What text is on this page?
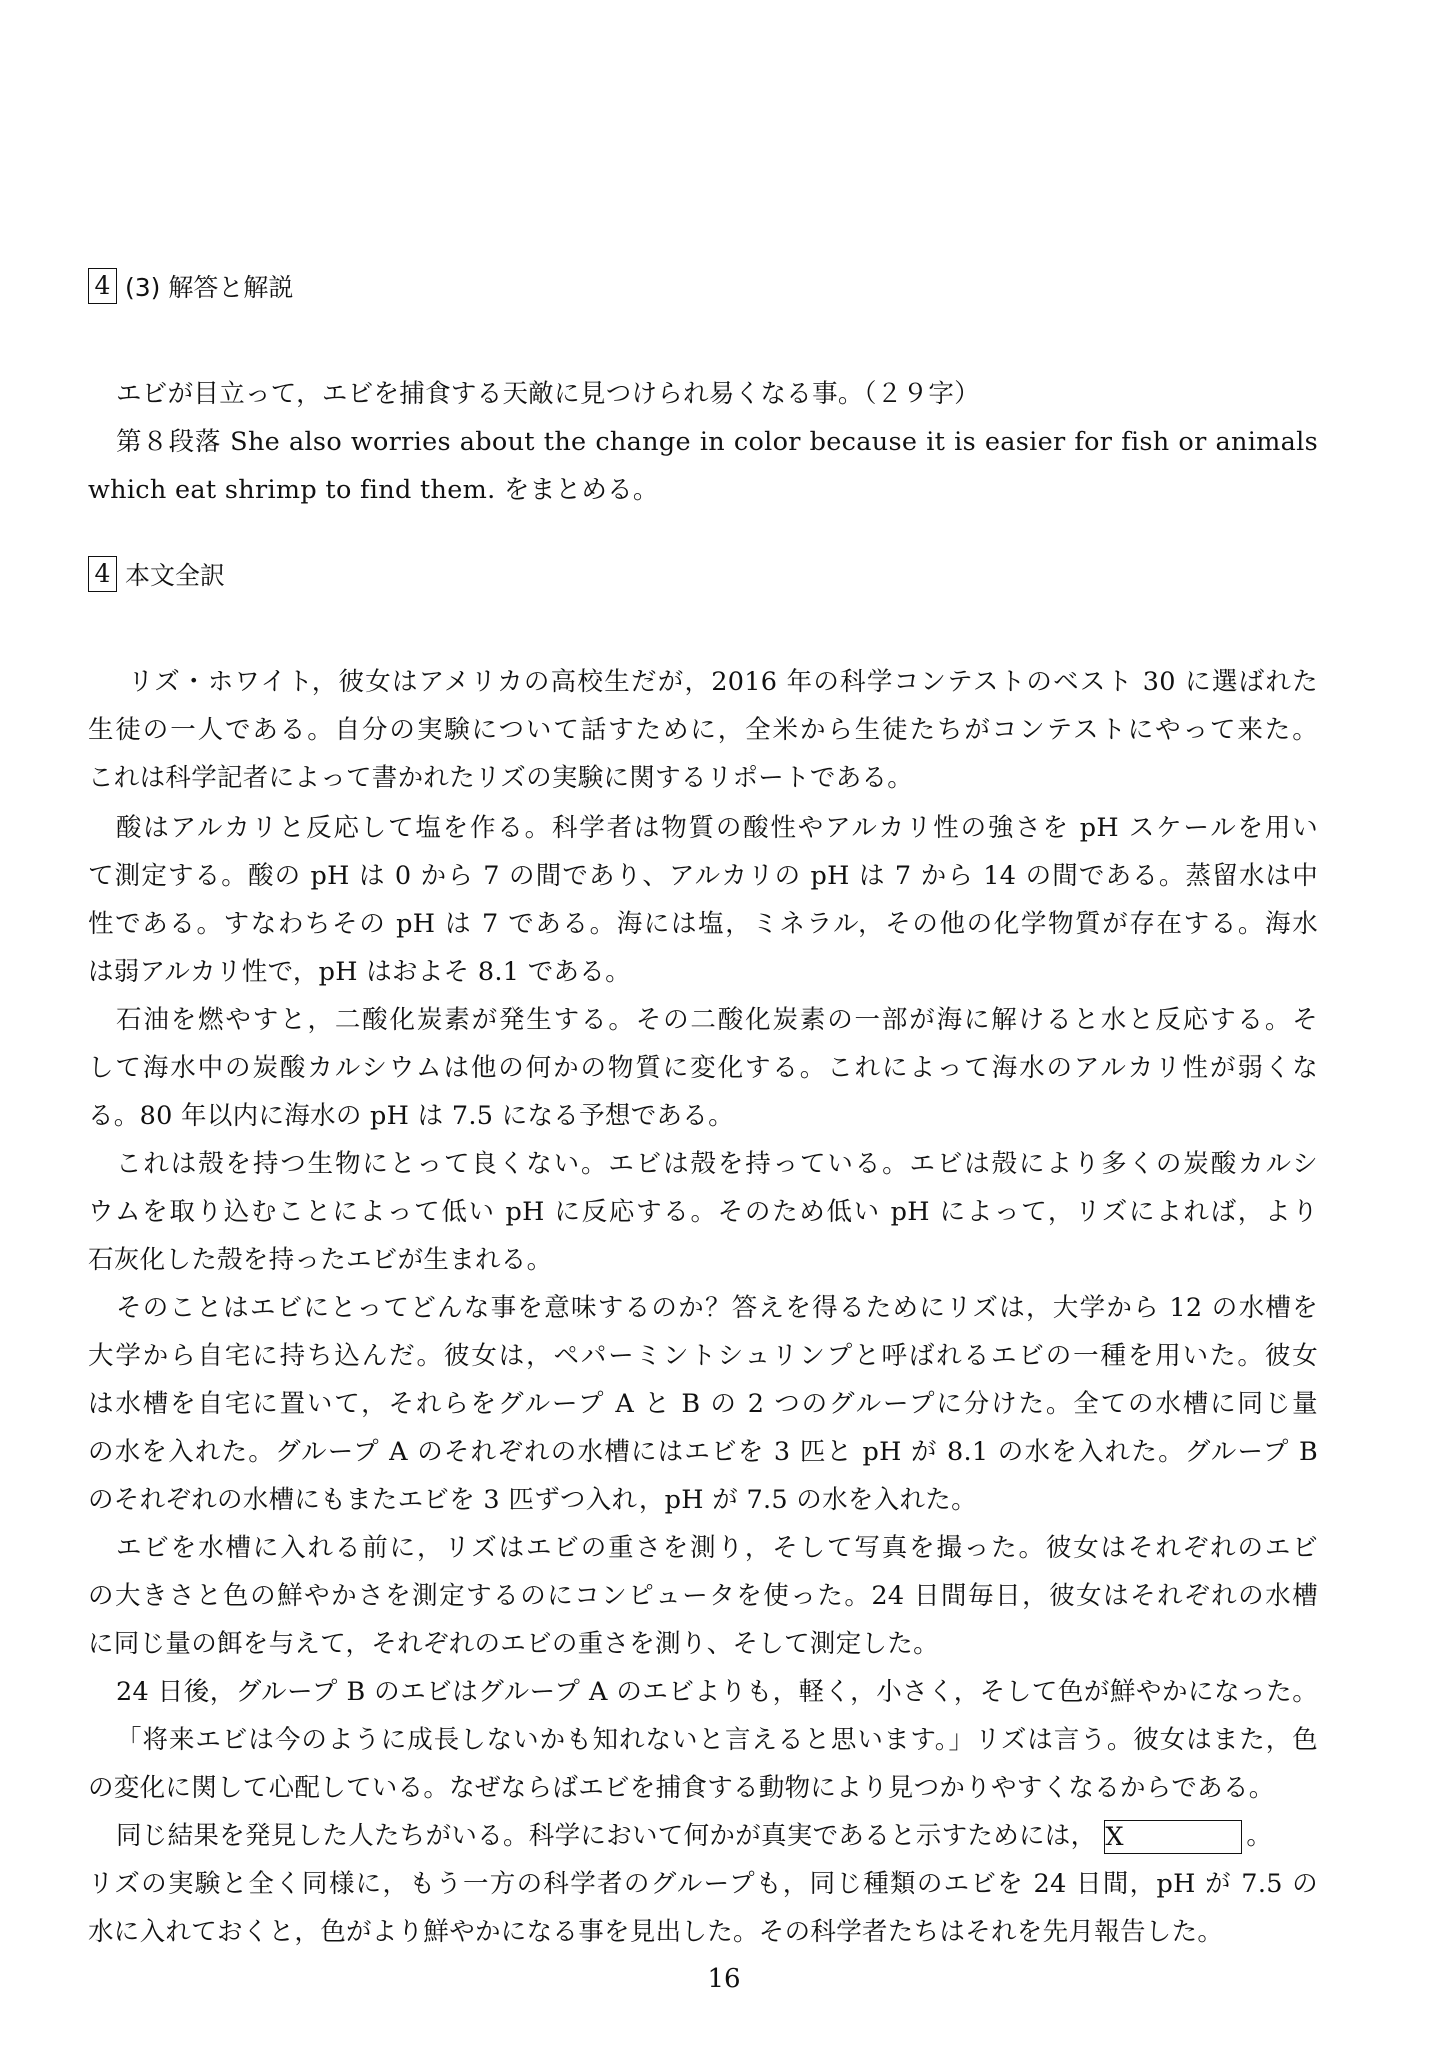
4 (3) 解答と解説
エビが目立って，エビを捕食する天敵に見つけられ易くなる事。（２９字）
第８段落 She also worries about the change in color because it is easier for fish or animals
which eat shrimp to find them. をまとめる。
4 本文全訳
リズ・ホワイト，彼女はアメリカの高校生だが，2016 年の科学コンテストのベスト 30 に選ばれた
生徒の一人である。自分の実験について話すために，全米から生徒たちがコンテストにやって来た。
これは科学記者によって書かれたリズの実験に関するリポートである。
酸はアルカリと反応して塩を作る。科学者は物質の酸性やアルカリ性の強さを pH スケールを用い
て測定する。酸の pH は 0 から 7 の間であり、アルカリの pH は 7 から 14 の間である。蒸留水は中
性である。すなわちその pH は 7 である。海には塩，ミネラル，その他の化学物質が存在する。海水
は弱アルカリ性で，pH はおよそ 8.1 である。
石油を燃やすと，二酸化炭素が発生する。その二酸化炭素の一部が海に解けると水と反応する。そ
して海水中の炭酸カルシウムは他の何かの物質に変化する。これによって海水のアルカリ性が弱くな
る。80 年以内に海水の pH は 7.5 になる予想である。
これは殻を持つ生物にとって良くない。エビは殻を持っている。エビは殻により多くの炭酸カルシ
ウムを取り込むことによって低い pH に反応する。そのため低い pH によって，リズによれば，より
石灰化した殻を持ったエビが生まれる。
そのことはエビにとってどんな事を意味するのか？答えを得るためにリズは，大学から 12 の水槽を
大学から自宅に持ち込んだ。彼女は，ペパーミントシュリンプと呼ばれるエビの一種を用いた。彼女
は水槽を自宅に置いて，それらをグループ A と B の 2 つのグループに分けた。全ての水槽に同じ量
の水を入れた。グループ A のそれぞれの水槽にはエビを 3 匹と pH が 8.1 の水を入れた。グループ B
のそれぞれの水槽にもまたエビを 3 匹ずつ入れ，pH が 7.5 の水を入れた。
エビを水槽に入れる前に，リズはエビの重さを測り，そして写真を撮った。彼女はそれぞれのエビ
の大きさと色の鮮やかさを測定するのにコンピュータを使った。24 日間毎日，彼女はそれぞれの水槽
に同じ量の餌を与えて，それぞれのエビの重さを測り、そして測定した。
24 日後，グループ B のエビはグループ A のエビよりも，軽く，小さく，そして色が鮮やかになった。
「将来エビは今のように成長しないかも知れないと言えると思います。」リズは言う。彼女はまた，色
の変化に関して心配している。なぜならばエビを捕食する動物により見つかりやすくなるからである。
同じ結果を発見した人たちがいる。科学において何かが真実であると示すためには， X	。
リズの実験と全く同様に，もう一方の科学者のグループも，同じ種類のエビを 24 日間，pH が 7.5 の
水に入れておくと，色がより鮮やかになる事を見出した。その科学者たちはそれを先月報告した。
16
